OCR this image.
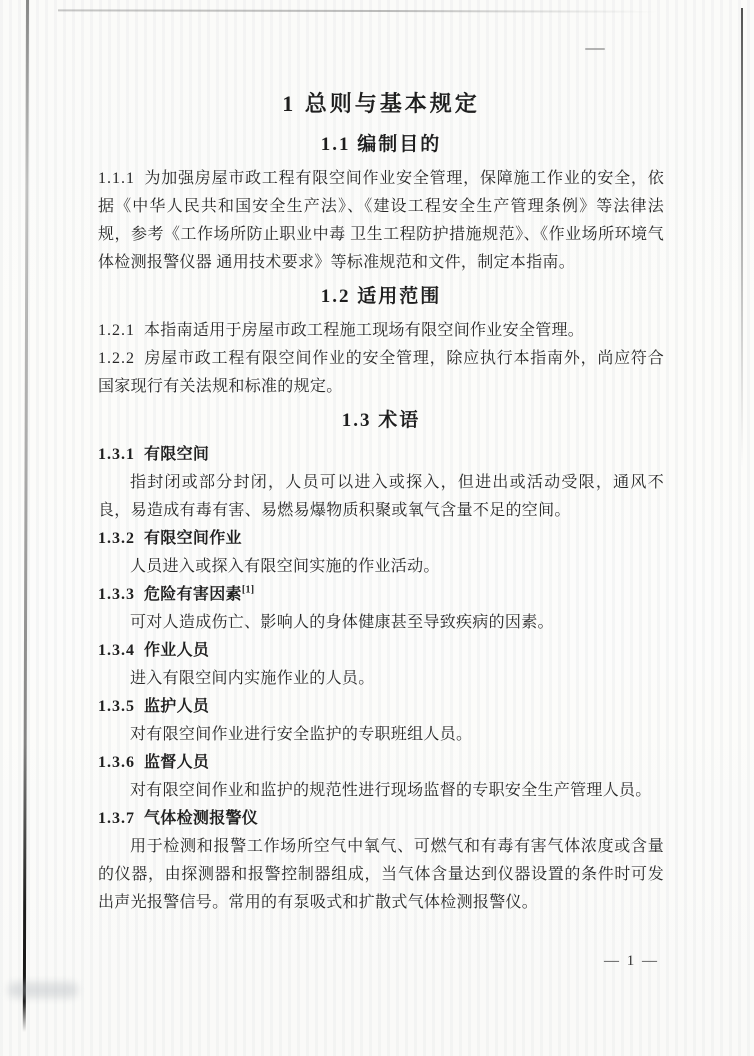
1 总则与基本规定
1.1 编制目的

1.1.1 为加强房屋市政工程有限空间作业安全管理，保障施工作业的安全，依据《中华人民共和国安全生产法》、《建设工程安全生产管理条例》等法律法规，参考《工作场所防止职业中毒 卫生工程防护措施规范》、《作业场所环境气体检测报警仪器 通用技术要求》等标准规范和文件，制定本指南。

1.2 适用范围

1.2.1 本指南适用于房屋市政工程施工现场有限空间作业安全管理。

1.2.2 房屋市政工程有限空间作业的安全管理，除应执行本指南外，尚应符合国家现行有关法规和标准的规定。

1.3 术语

1.3.1 有限空间

指封闭或部分封闭，人员可以进入或探入，但进出或活动受限，通风不良，易造成有毒有害、易燃易爆物质积聚或氧气含量不足的空间。

1.3.2 有限空间作业

人员进入或探入有限空间实施的作业活动。

1.3.3 危险有害因素[1]

可对人造成伤亡、影响人的身体健康甚至导致疾病的因素。

1.3.4 作业人员

进入有限空间内实施作业的人员。

1.3.5 监护人员

对有限空间作业进行安全监护的专职班组人员。

1.3.6 监督人员

对有限空间作业和监护的规范性进行现场监督的专职安全生产管理人员。

1.3.7 气体检测报警仪

用于检测和报警工作场所空气中氧气、可燃气和有毒有害气体浓度或含量的仪器，由探测器和报警控制器组成，当气体含量达到仪器设置的条件时可发出声光报警信号。常用的有泵吸式和扩散式气体检测报警仪。

— 1 —
